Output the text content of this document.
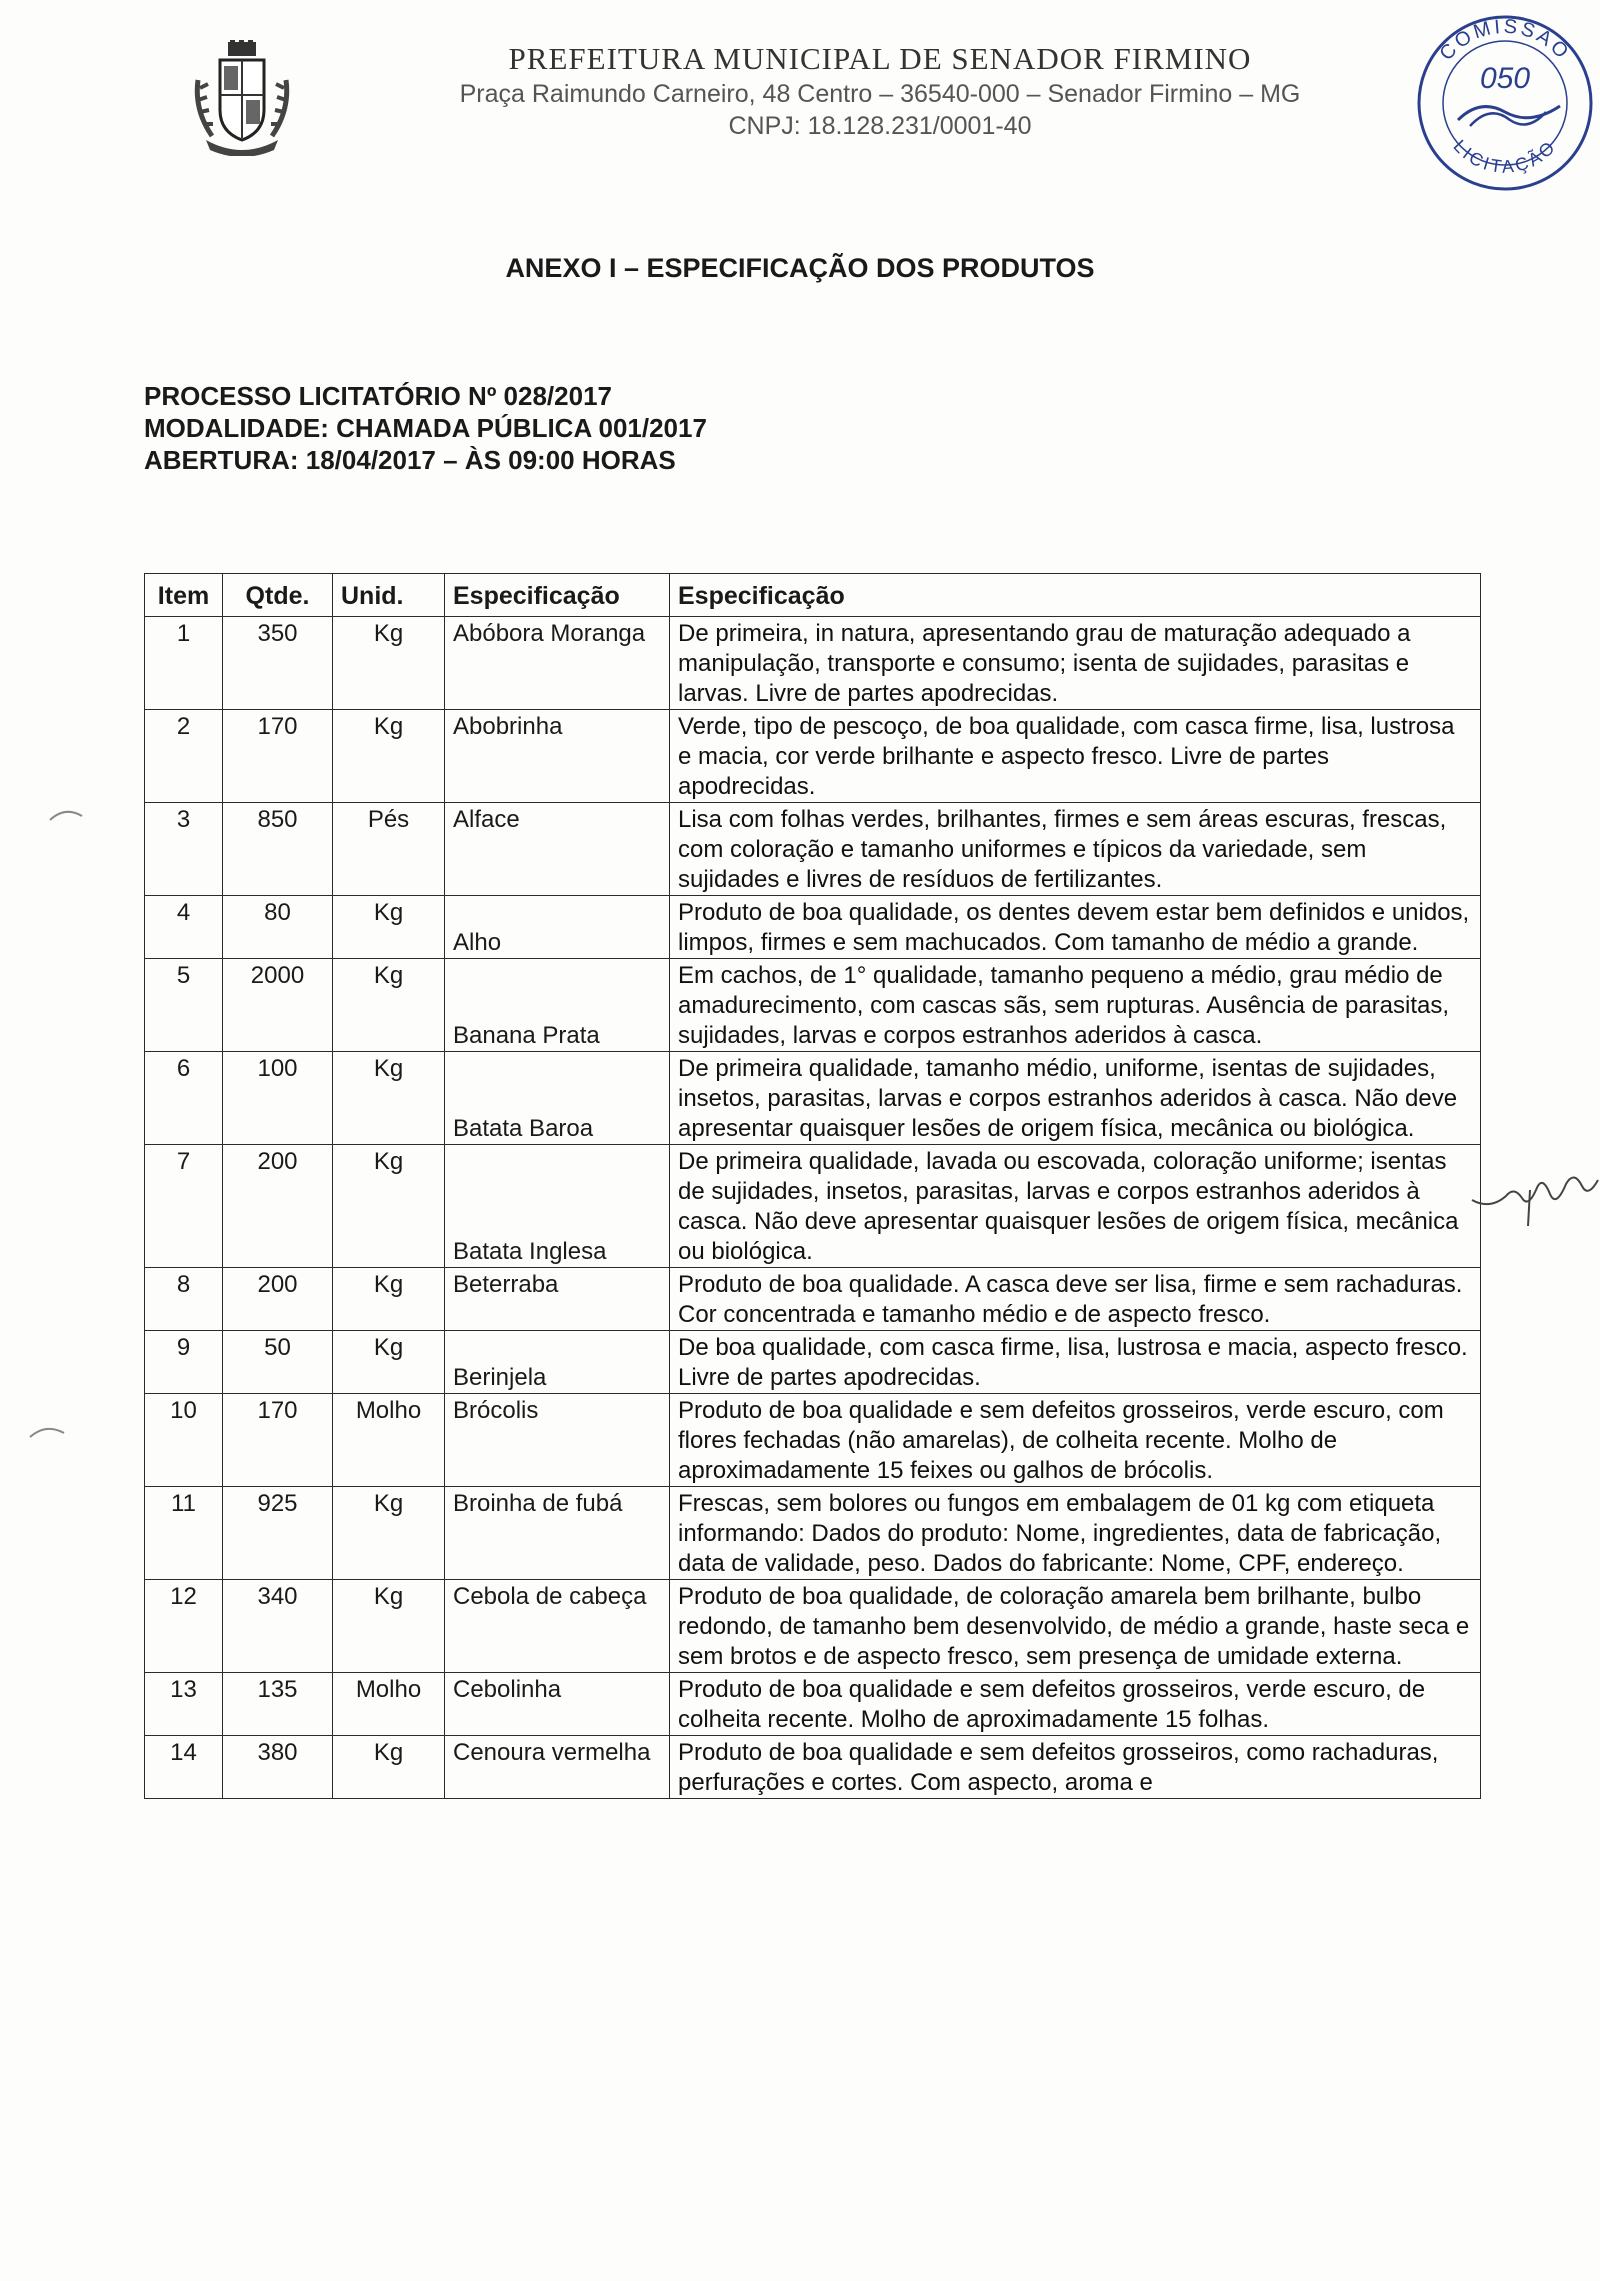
PREFEITURA MUNICIPAL DE SENADOR FIRMINO
Praça Raimundo Carneiro, 48 Centro – 36540-000 – Senador Firmino – MG
CNPJ: 18.128.231/0001-40
COMISSÃO
050
LICITAÇÃO
ANEXO I – ESPECIFICAÇÃO DOS PRODUTOS
PROCESSO LICITATÓRIO Nº 028/2017
MODALIDADE: CHAMADA PÚBLICA 001/2017
ABERTURA: 18/04/2017 – ÀS 09:00 HORAS
Item	Qtde.	Unid.	Especificação	Especificação
1	350	Kg	Abóbora Moranga	De primeira, in natura, apresentando grau de maturação adequado a manipulação, transporte e consumo; isenta de sujidades, parasitas e larvas. Livre de partes apodrecidas.
2	170	Kg	Abobrinha	Verde, tipo de pescoço, de boa qualidade, com casca firme, lisa, lustrosa e macia, cor verde brilhante e aspecto fresco. Livre de partes apodrecidas.
3	850	Pés	Alface	Lisa com folhas verdes, brilhantes, firmes e sem áreas escuras, frescas, com coloração e tamanho uniformes e típicos da variedade, sem sujidades e livres de resíduos de fertilizantes.
4	80	Kg	Alho	Produto de boa qualidade, os dentes devem estar bem definidos e unidos, limpos, firmes e sem machucados. Com tamanho de médio a grande.
5	2000	Kg	Banana Prata	Em cachos, de 1° qualidade, tamanho pequeno a médio, grau médio de amadurecimento, com cascas sãs, sem rupturas. Ausência de parasitas, sujidades, larvas e corpos estranhos aderidos à casca.
6	100	Kg	Batata Baroa	De primeira qualidade, tamanho médio, uniforme, isentas de sujidades, insetos, parasitas, larvas e corpos estranhos aderidos à casca. Não deve apresentar quaisquer lesões de origem física, mecânica ou biológica.
7	200	Kg	Batata Inglesa	De primeira qualidade, lavada ou escovada, coloração uniforme; isentas de sujidades, insetos, parasitas, larvas e corpos estranhos aderidos à casca. Não deve apresentar quaisquer lesões de origem física, mecânica ou biológica.
8	200	Kg	Beterraba	Produto de boa qualidade. A casca deve ser lisa, firme e sem rachaduras. Cor concentrada e tamanho médio e de aspecto fresco.
9	50	Kg	Berinjela	De boa qualidade, com casca firme, lisa, lustrosa e macia, aspecto fresco. Livre de partes apodrecidas.
10	170	Molho	Brócolis	Produto de boa qualidade e sem defeitos grosseiros, verde escuro, com flores fechadas (não amarelas), de colheita recente. Molho de aproximadamente 15 feixes ou galhos de brócolis.
11	925	Kg	Broinha de fubá	Frescas, sem bolores ou fungos em embalagem de 01 kg com etiqueta informando: Dados do produto: Nome, ingredientes, data de fabricação, data de validade, peso. Dados do fabricante: Nome, CPF, endereço.
12	340	Kg	Cebola de cabeça	Produto de boa qualidade, de coloração amarela bem brilhante, bulbo redondo, de tamanho bem desenvolvido, de médio a grande, haste seca e sem brotos e de aspecto fresco, sem presença de umidade externa.
13	135	Molho	Cebolinha	Produto de boa qualidade e sem defeitos grosseiros, verde escuro, de colheita recente. Molho de aproximadamente 15 folhas.
14	380	Kg	Cenoura vermelha	Produto de boa qualidade e sem defeitos grosseiros, como rachaduras, perfurações e cortes. Com aspecto, aroma e
